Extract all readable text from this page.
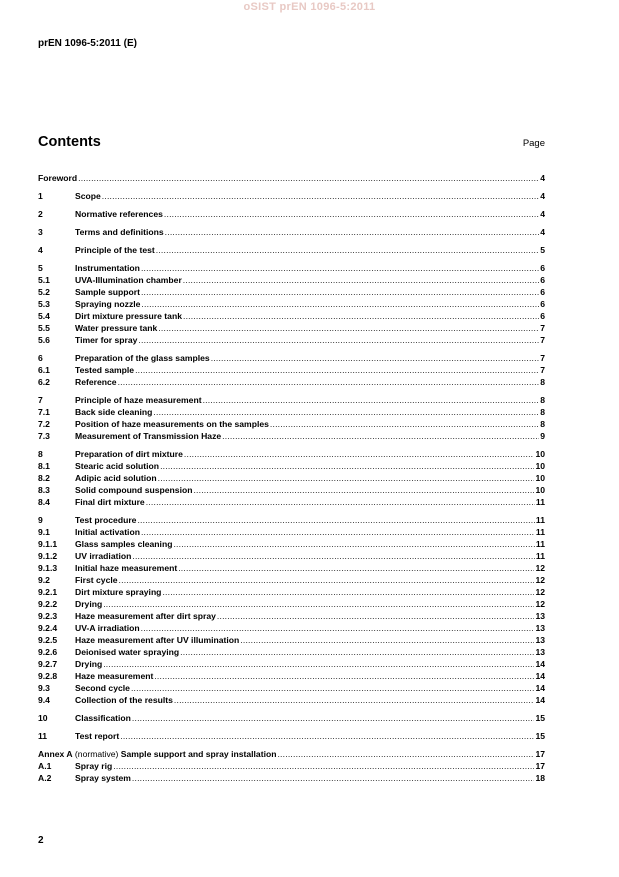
oSIST prEN 1096-5:2011
prEN 1096-5:2011 (E)
Contents	Page
Foreword .....	4
1	Scope .....	4
2	Normative references .....	4
3	Terms and definitions .....	4
4	Principle of the test .....	5
5	Instrumentation .....	6
5.1	UVA-Illumination chamber .....	6
5.2	Sample support .....	6
5.3	Spraying nozzle .....	6
5.4	Dirt mixture pressure tank .....	6
5.5	Water pressure tank .....	7
5.6	Timer for spray .....	7
6	Preparation of the glass samples .....	7
6.1	Tested sample .....	7
6.2	Reference .....	8
7	Principle of haze measurement .....	8
7.1	Back side cleaning .....	8
7.2	Position of haze measurements on the samples .....	8
7.3	Measurement of Transmission Haze .....	9
8	Preparation of dirt mixture .....	10
8.1	Stearic acid solution .....	10
8.2	Adipic acid solution .....	10
8.3	Solid compound suspension .....	10
8.4	Final dirt mixture .....	11
9	Test procedure .....	11
9.1	Initial activation .....	11
9.1.1	Glass samples cleaning .....	11
9.1.2	UV irradiation .....	11
9.1.3	Initial haze measurement .....	12
9.2	First cycle .....	12
9.2.1	Dirt mixture spraying .....	12
9.2.2	Drying .....	12
9.2.3	Haze measurement after dirt spray .....	13
9.2.4	UV-A irradiation .....	13
9.2.5	Haze measurement after UV illumination .....	13
9.2.6	Deionised water spraying .....	13
9.2.7	Drying .....	14
9.2.8	Haze measurement .....	14
9.3	Second cycle .....	14
9.4	Collection of the results .....	14
10	Classification .....	15
11	Test report .....	15
Annex A (normative) Sample support and spray installation .....	17
A.1	Spray rig .....	17
A.2	Spray system .....	18
2
